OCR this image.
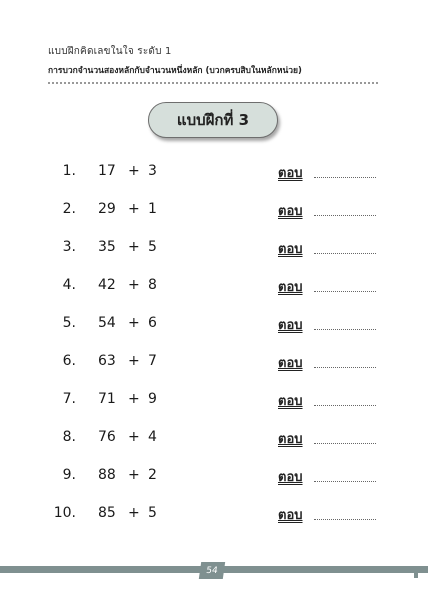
แบบฝึกคิดเลขในใจ ระดับ 1
การบวกจำนวนสองหลักกับจำนวนหนึ่งหลัก (บวกครบสิบในหลักหน่วย)
แบบฝึกที่ 3
1. 17 + 3	ตอบ
2. 29 + 1	ตอบ
3. 35 + 5	ตอบ
4. 42 + 8	ตอบ
5. 54 + 6	ตอบ
6. 63 + 7	ตอบ
7. 71 + 9	ตอบ
8. 76 + 4	ตอบ
9. 88 + 2	ตอบ
10. 85 + 5	ตอบ
54
